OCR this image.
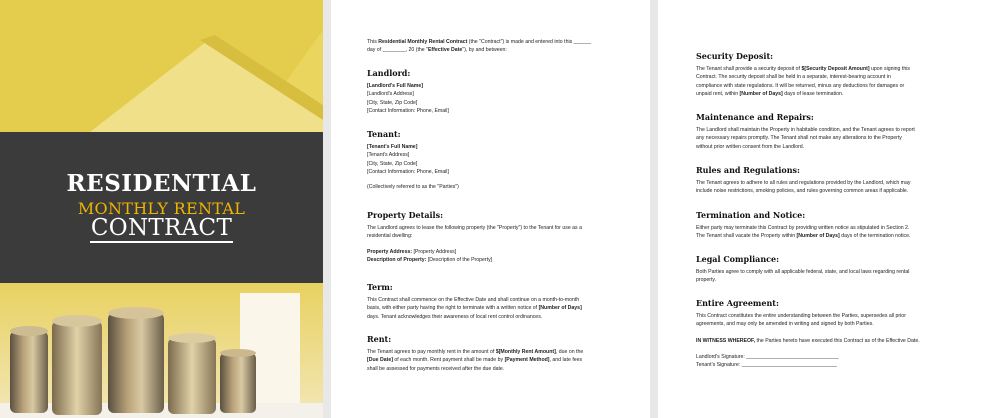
RESIDENTIAL
MONTHLY RENTAL
CONTRACT

This Residential Monthly Rental Contract (the "Contract") is made and entered into this ______

day of ________, 20 (the "Effective Date"), by and between:

Landlord:

[Landlord's Full Name]

[Landlord's Address]

[City, State, Zip Code]

[Contact Information: Phone, Email]

Tenant:

[Tenant's Full Name]

[Tenant's Address]

[City, State, Zip Code]

[Contact Information: Phone, Email]

(Collectively referred to as the "Parties")

Property Details:

The Landlord agrees to lease the following property (the "Property") to the Tenant for use as a

residential dwelling:

Property Address: [Property Address]

Description of Property: [Description of the Property]

Term:

This Contract shall commence on the Effective Date and shall continue on a month-to-month

basis, with either party having the right to terminate with a written notice of [Number of Days]

days. Tenant acknowledges their awareness of local rent control ordinances.

Rent:

The Tenant agrees to pay monthly rent in the amount of $[Monthly Rent Amount], due on the

[Due Date] of each month. Rent payment shall be made by [Payment Method], and late fees

shall be assessed for payments received after the due date.

Security Deposit:

The Tenant shall provide a security deposit of $[Security Deposit Amount] upon signing this

Contract. The security deposit shall be held in a separate, interest-bearing account in

compliance with state regulations. It will be returned, minus any deductions for damages or

unpaid rent, within [Number of Days] days of lease termination.

Maintenance and Repairs:

The Landlord shall maintain the Property in habitable condition, and the Tenant agrees to report

any necessary repairs promptly. The Tenant shall not make any alterations to the Property

without prior written consent from the Landlord.

Rules and Regulations:

The Tenant agrees to adhere to all rules and regulations provided by the Landlord, which may

include noise restrictions, smoking policies, and rules governing common areas if applicable.

Termination and Notice:

Either party may terminate this Contract by providing written notice as stipulated in Section 2.

The Tenant shall vacate the Property within [Number of Days] days of the termination notice.

Legal Compliance:

Both Parties agree to comply with all applicable federal, state, and local laws regarding rental

property.

Entire Agreement:

This Contract constitutes the entire understanding between the Parties, supersedes all prior

agreements, and may only be amended in writing and signed by both Parties.

IN WITNESS WHEREOF, the Parties hereto have executed this Contract as of the Effective Date.

Landlord's Signature: ________________________________

Tenant's Signature: _________________________________
